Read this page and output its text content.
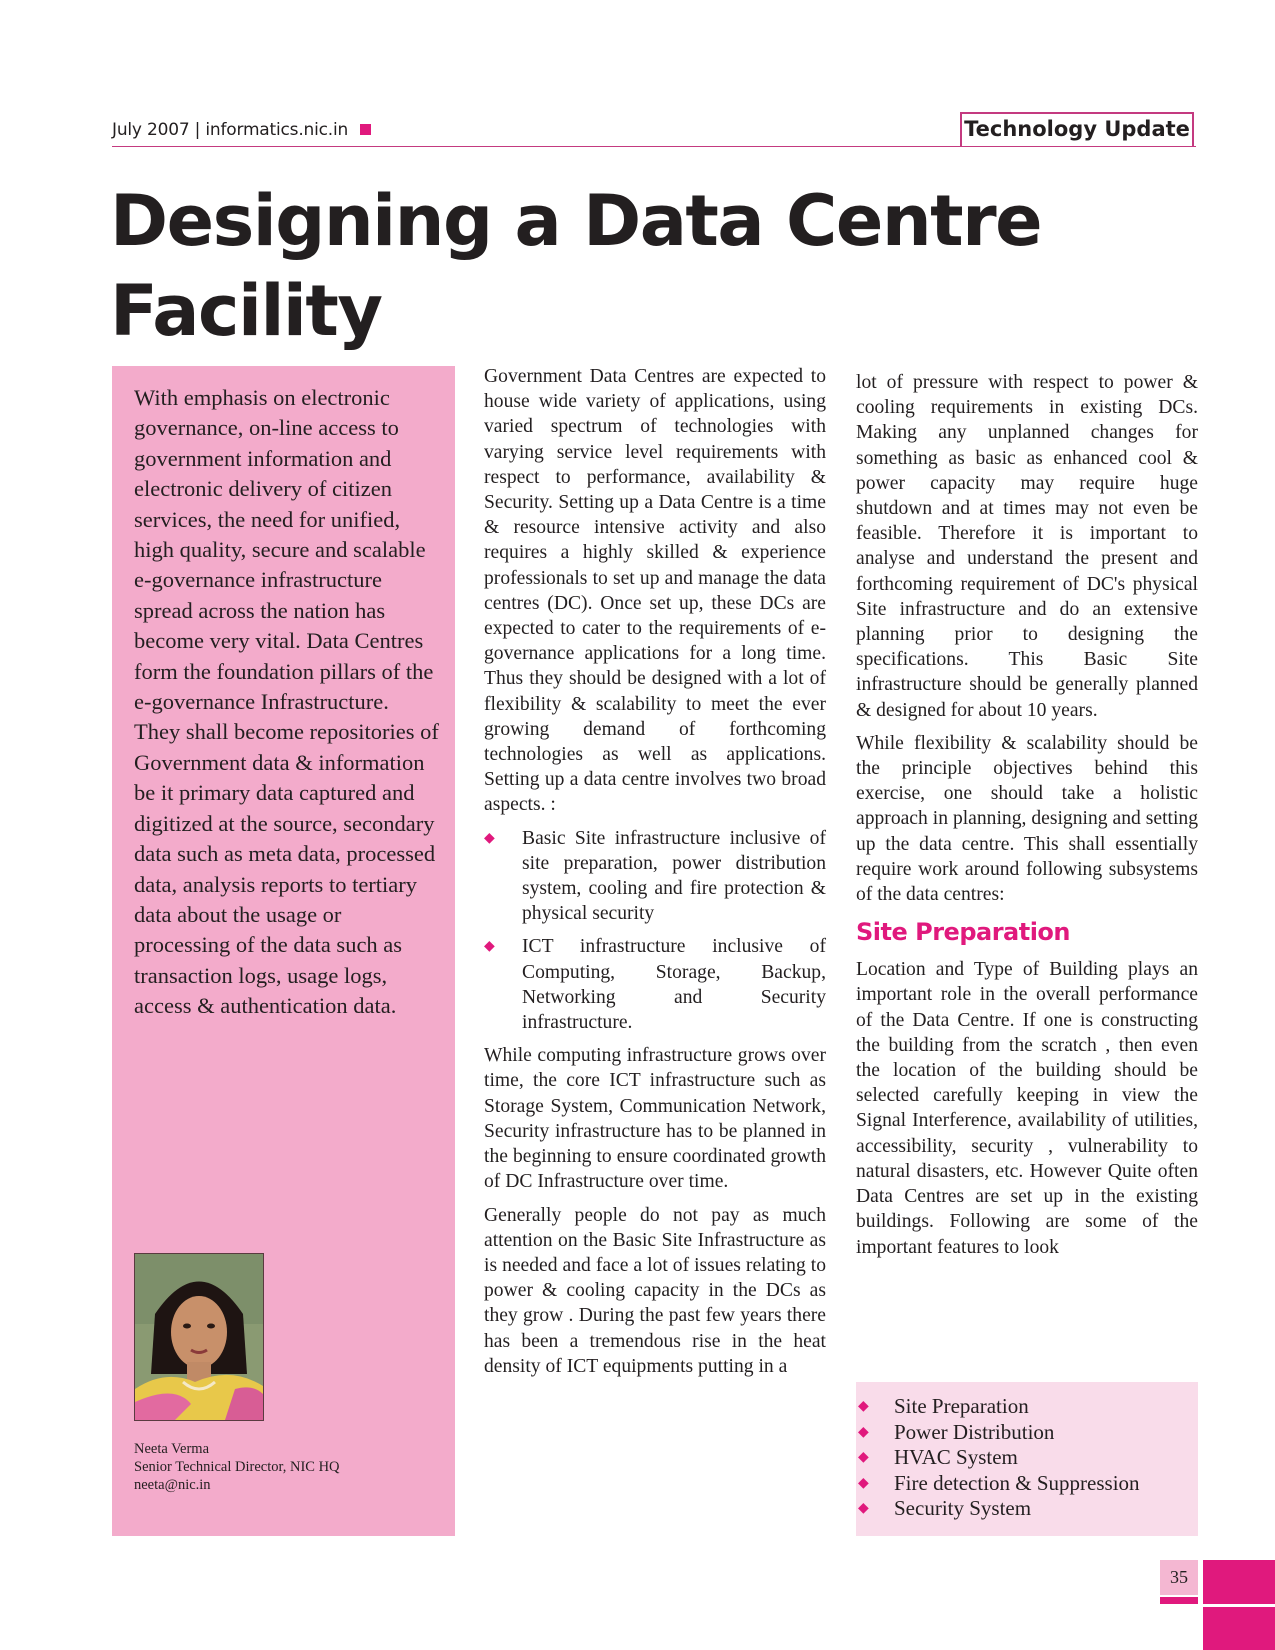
July 2007 | informatics.nic.in	Technology Update
Designing a Data Centre
Facility

With emphasis on electronic governance, on-line access to government information and electronic delivery of citizen services, the need for unified, high quality, secure and scalable e-governance infrastructure spread across the nation has become very vital. Data Centres form the foundation pillars of the e-governance Infrastructure. They shall become repositories of Government data & information be it primary data captured and digitized at the source, secondary data such as meta data, processed data, analysis reports to tertiary data about the usage or processing of the data such as transaction logs, usage logs, access & authentication data.

Neeta Verma
Senior Technical Director, NIC HQ
neeta@nic.in

Government Data Centres are expected to house wide variety of applications, using varied spectrum of technologies with varying service level requirements with respect to performance, availability & Security. Setting up a Data Centre is a time & resource intensive activity and also requires a highly skilled & experience professionals to set up and manage the data centres (DC). Once set up, these DCs are expected to cater to the requirements of e-governance applications for a long time. Thus they should be designed with a lot of flexibility & scalability to meet the ever growing demand of forthcoming technologies as well as applications. Setting up a data centre involves two broad aspects. :

◆ Basic Site infrastructure inclusive of site preparation, power distribution system, cooling and fire protection & physical security
◆ ICT infrastructure inclusive of Computing, Storage, Backup, Networking and Security infrastructure.

While computing infrastructure grows over time, the core ICT infrastructure such as Storage System, Communication Network, Security infrastructure has to be planned in the beginning to ensure coordinated growth of DC Infrastructure over time.

Generally people do not pay as much attention on the Basic Site Infrastructure as is needed and face a lot of issues relating to power & cooling capacity in the DCs as they grow . During the past few years there has been a tremendous rise in the heat density of ICT equipments putting in a

lot of pressure with respect to power & cooling requirements in existing DCs. Making any unplanned changes for something as basic as enhanced cool & power capacity may require huge shutdown and at times may not even be feasible. Therefore it is important to analyse and understand the present and forthcoming requirement of DC's physical Site infrastructure and do an extensive planning prior to designing the specifications. This Basic Site infrastructure should be generally planned & designed for about 10 years.

While flexibility & scalability should be the principle objectives behind this exercise, one should take a holistic approach in planning, designing and setting up the data centre. This shall essentially require work around following subsystems of the data centres:

Site Preparation

Location and Type of Building plays an important role in the overall performance of the Data Centre. If one is constructing the building from the scratch , then even the location of the building should be selected carefully keeping in view the Signal Interference, availability of utilities, accessibility, security , vulnerability to natural disasters, etc. However Quite often Data Centres are set up in the existing buildings. Following are some of the important features to look

◆ Site Preparation
◆ Power Distribution
◆ HVAC System
◆ Fire detection & Suppression
◆ Security System
35
